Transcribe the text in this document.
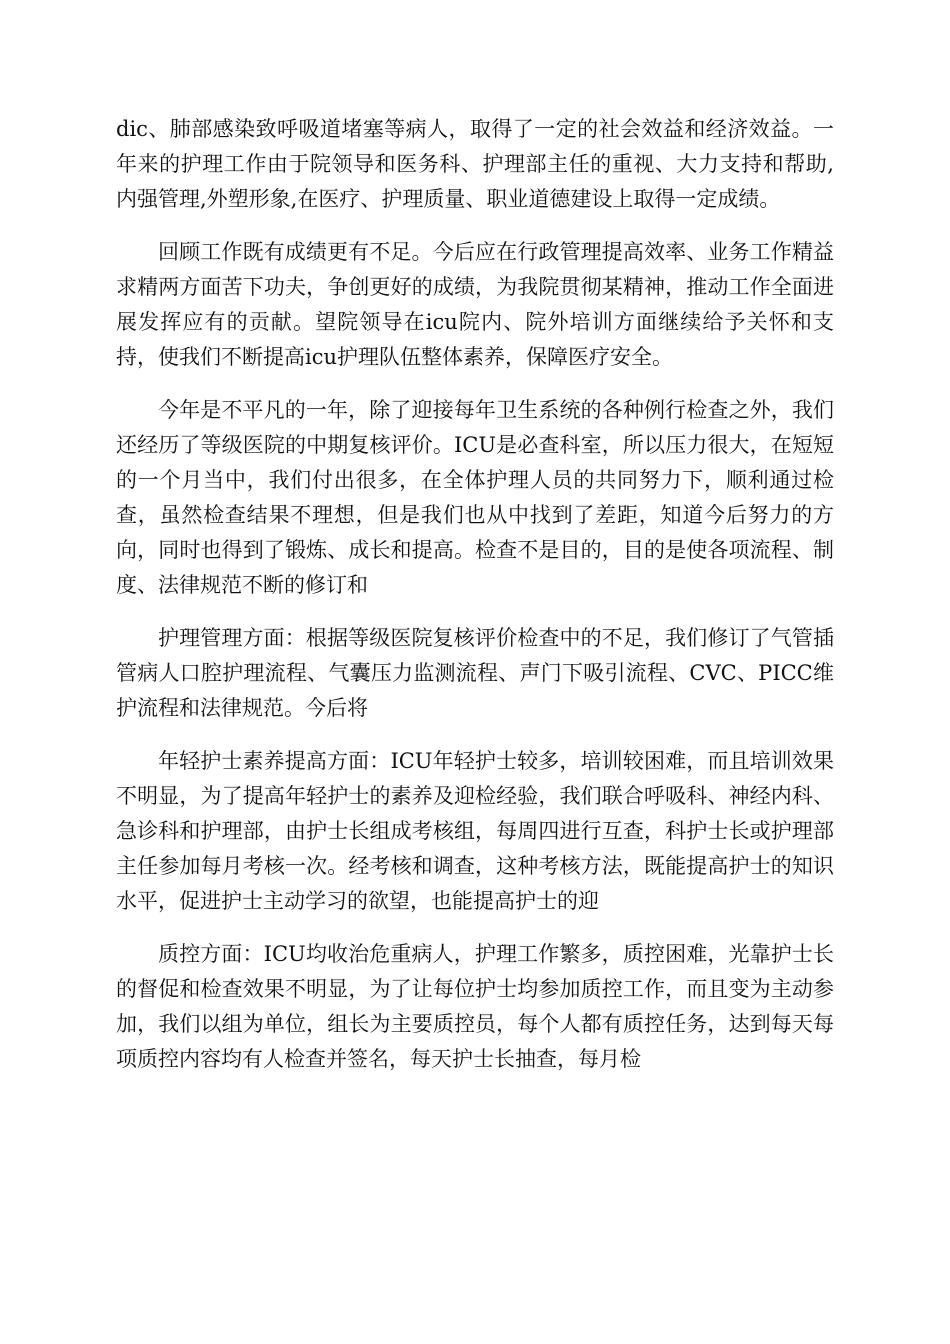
dic、肺部感染致呼吸道堵塞等病人，取得了一定的社会效益和经济效益。一年来的护理工作由于院领导和医务科、护理部主任的重视、大力支持和帮助,内强管理,外塑形象,在医疗、护理质量、职业道德建设上取得一定成绩。

回顾工作既有成绩更有不足。今后应在行政管理提高效率、业务工作精益求精两方面苦下功夫，争创更好的成绩，为我院贯彻某精神，推动工作全面进展发挥应有的贡献。望院领导在icu院内、院外培训方面继续给予关怀和支持，使我们不断提高icu护理队伍整体素养，保障医疗安全。

今年是不平凡的一年，除了迎接每年卫生系统的各种例行检查之外，我们还经历了等级医院的中期复核评价。ICU是必查科室，所以压力很大，在短短的一个月当中，我们付出很多，在全体护理人员的共同努力下，顺利通过检查，虽然检查结果不理想，但是我们也从中找到了差距，知道今后努力的方向，同时也得到了锻炼、成长和提高。检查不是目的，目的是使各项流程、制度、法律规范不断的修订和

护理管理方面：根据等级医院复核评价检查中的不足，我们修订了气管插管病人口腔护理流程、气囊压力监测流程、声门下吸引流程、CVC、PICC维护流程和法律规范。今后将

年轻护士素养提高方面：ICU年轻护士较多，培训较困难，而且培训效果不明显，为了提高年轻护士的素养及迎检经验，我们联合呼吸科、神经内科、急诊科和护理部，由护士长组成考核组，每周四进行互查，科护士长或护理部主任参加每月考核一次。经考核和调查，这种考核方法，既能提高护士的知识水平，促进护士主动学习的欲望，也能提高护士的迎

质控方面：ICU均收治危重病人，护理工作繁多，质控困难，光靠护士长的督促和检查效果不明显，为了让每位护士均参加质控工作，而且变为主动参加，我们以组为单位，组长为主要质控员，每个人都有质控任务，达到每天每项质控内容均有人检查并签名，每天护士长抽查，每月检
